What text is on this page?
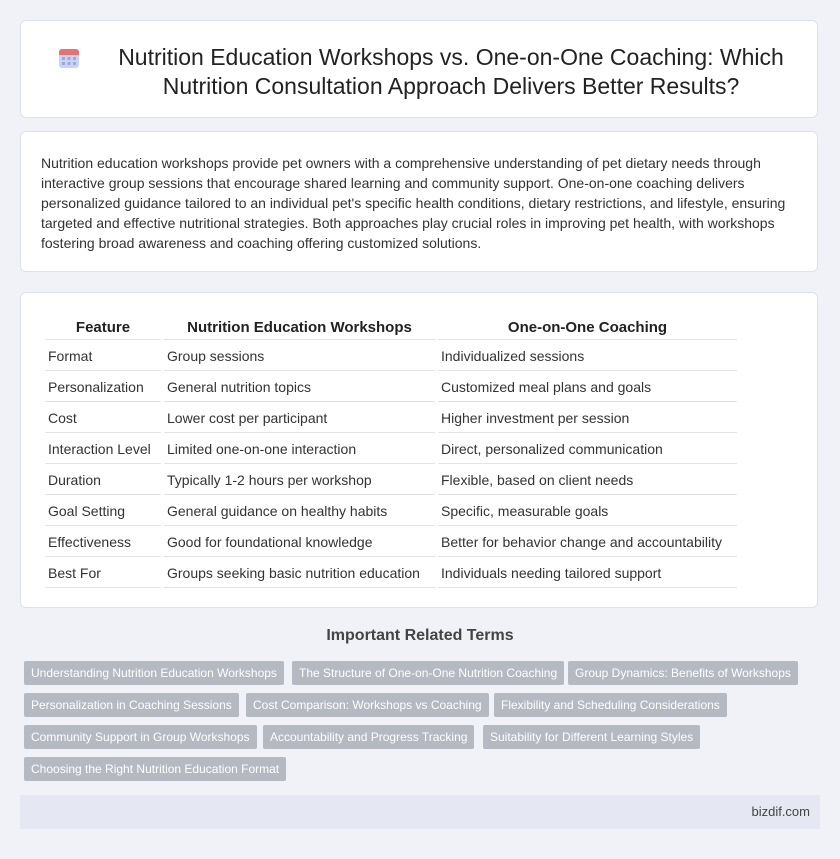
Nutrition Education Workshops vs. One-on-One Coaching: Which Nutrition Consultation Approach Delivers Better Results?

Nutrition education workshops provide pet owners with a comprehensive understanding of pet dietary needs through interactive group sessions that encourage shared learning and community support. One-on-one coaching delivers personalized guidance tailored to an individual pet's specific health conditions, dietary restrictions, and lifestyle, ensuring targeted and effective nutritional strategies. Both approaches play crucial roles in improving pet health, with workshops fostering broad awareness and coaching offering customized solutions.

Feature	Nutrition Education Workshops	One-on-One Coaching
Format	Group sessions	Individualized sessions
Personalization	General nutrition topics	Customized meal plans and goals
Cost	Lower cost per participant	Higher investment per session
Interaction Level	Limited one-on-one interaction	Direct, personalized communication
Duration	Typically 1-2 hours per workshop	Flexible, based on client needs
Goal Setting	General guidance on healthy habits	Specific, measurable goals
Effectiveness	Good for foundational knowledge	Better for behavior change and accountability
Best For	Groups seeking basic nutrition education	Individuals needing tailored support
Important Related Terms
Understanding Nutrition Education Workshops	The Structure of One-on-One Nutrition Coaching	Group Dynamics: Benefits of Workshops
Personalization in Coaching Sessions	Cost Comparison: Workshops vs Coaching	Flexibility and Scheduling Considerations
Community Support in Group Workshops	Accountability and Progress Tracking	Suitability for Different Learning Styles
Choosing the Right Nutrition Education Format
bizdif.com
